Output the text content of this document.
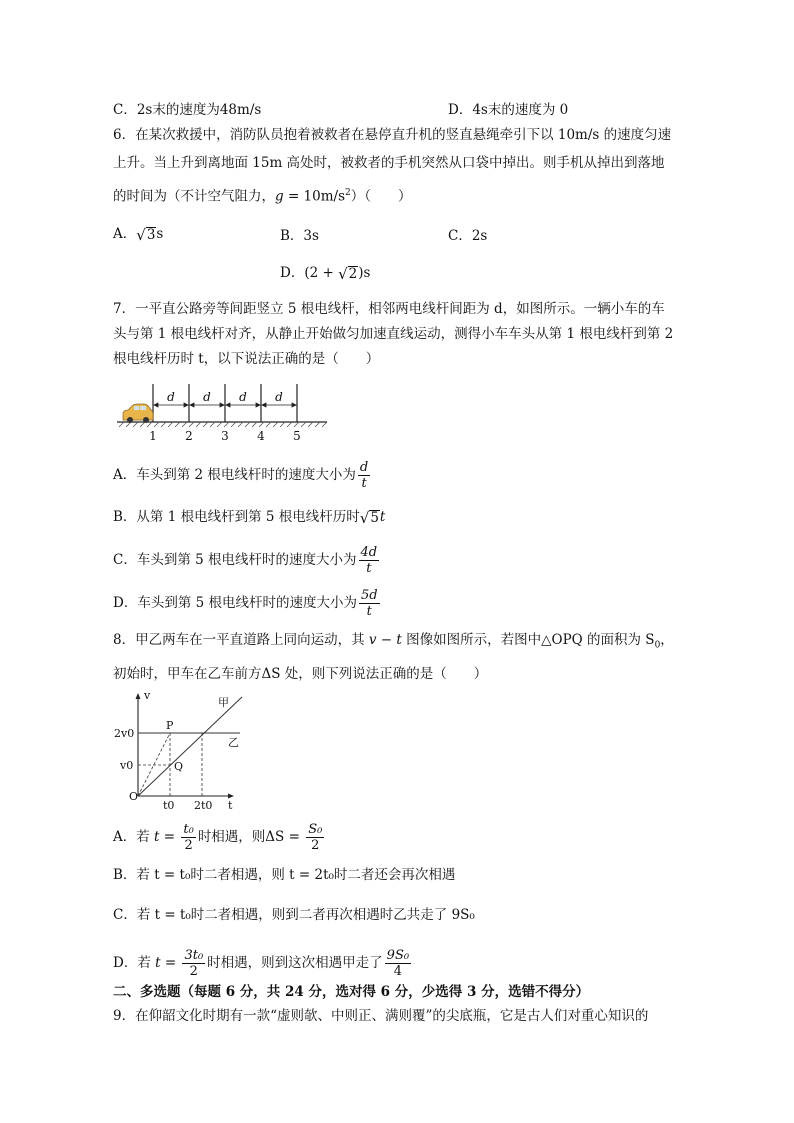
C．2s末的速度为48m/s	D．4s末的速度为 0
6．在某次救援中，消防队员抱着被救者在悬停直升机的竖直悬绳牵引下以 10m/s 的速度匀速
上升。当上升到离地面 15m 高处时，被救者的手机突然从口袋中掉出。则手机从掉出到落地
的时间为（不计空气阻力，$g = 10m/s^2$）（　　）
A． √ 3 s	B．3s	C．2s
D．(2 + √ 2 )s
7．一平直公路旁等间距竖立 5 根电线杆，相邻两电线杆间距为 d，如图所示。一辆小车的车
头与第 1 根电线杆对齐，从静止开始做匀加速直线运动，测得小车车头从第 1 根电线杆到第 2
根电线杆历时 t，以下说法正确的是（　　）
d d d d
1 2 3 4 5
A．车头到第 2 根电线杆时的速度大小为 $\frac{d}{t}$
B．从第 1 根电线杆到第 5 根电线杆历时 √ 5 t
C．车头到第 5 根电线杆时的速度大小为 $\frac{4d}{t}$
D．车头到第 5 根电线杆时的速度大小为 $\frac{5d}{t}$
8．甲乙两车在一平直道路上同向运动，其 v − t 图像如图所示，若图中△OPQ 的面积为 $S_0$，
初始时，甲车在乙车前方ΔS 处，则下列说法正确的是（　　）
v
t
2v0
v0
t0 2t0
O
P
Q
甲
乙
A．若 $t = \frac{\text{t₀}}{2}$ 时相遇，则$\Delta S = \frac{\text{S₀}}{2}$
B．若 t = t₀时二者相遇，则 t = 2t₀时二者还会再次相遇
C．若 t = t₀时二者相遇，则到二者再次相遇时乙共走了 9S₀
D．若 $t = \frac{\text{3t₀}}{2}$ 时相遇，则到这次相遇甲走了 $\frac{\text{9S₀}}{4}$
二、多选题（每题 6 分，共 24 分，选对得 6 分，少选得 3 分，选错不得分）
9．在仰韶文化时期有一款“虚则欹、中则正、满则覆”的尖底瓶，它是古人们对重心知识的
